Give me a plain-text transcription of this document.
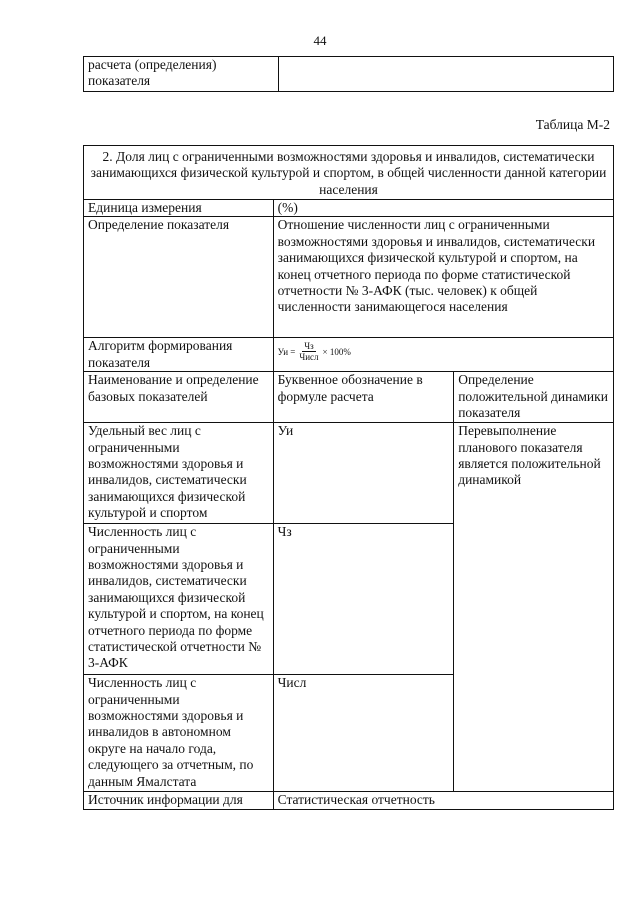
44
расчета (определения) показателя	
Таблица М-2
2. Доля лиц с ограниченными возможностями здоровья и инвалидов, систематически занимающихся физической культурой и спортом, в общей численности данной категории населения		
Единица измерения	(%)	
Определение показателя	Отношение численности лиц с ограниченными возможностями здоровья и инвалидов, систематически занимающихся физической культурой и спортом, на конец отчетного периода по форме статистической отчетности № 3-АФК (тыс. человек) к общей численности занимающегося населения	
Алгоритм формирования показателя	Уи = $\frac{Чз}{\text{Числ}} \times 100\%$	

Наименование и определение базовых показателей	Буквенное обозначение в формуле расчета	Определение положительной динамики показателя
Удельный вес лиц с ограниченными возможностями здоровья и инвалидов, систематически занимающихся физической культурой и спортом	Уи	Перевыполнение планового показателя является положительной динамикой
Численность лиц с ограниченными возможностями здоровья и инвалидов, систематически занимающихся физической культурой и спортом, на конец отчетного периода по форме статистической отчетности № 3-АФК	Чз	
Численность лиц с ограниченными возможностями здоровья и инвалидов в автономном округе на начало года, следующего за отчетным, по данным Ямалстата	Числ	
Источник информации для	Статистическая отчетность	
